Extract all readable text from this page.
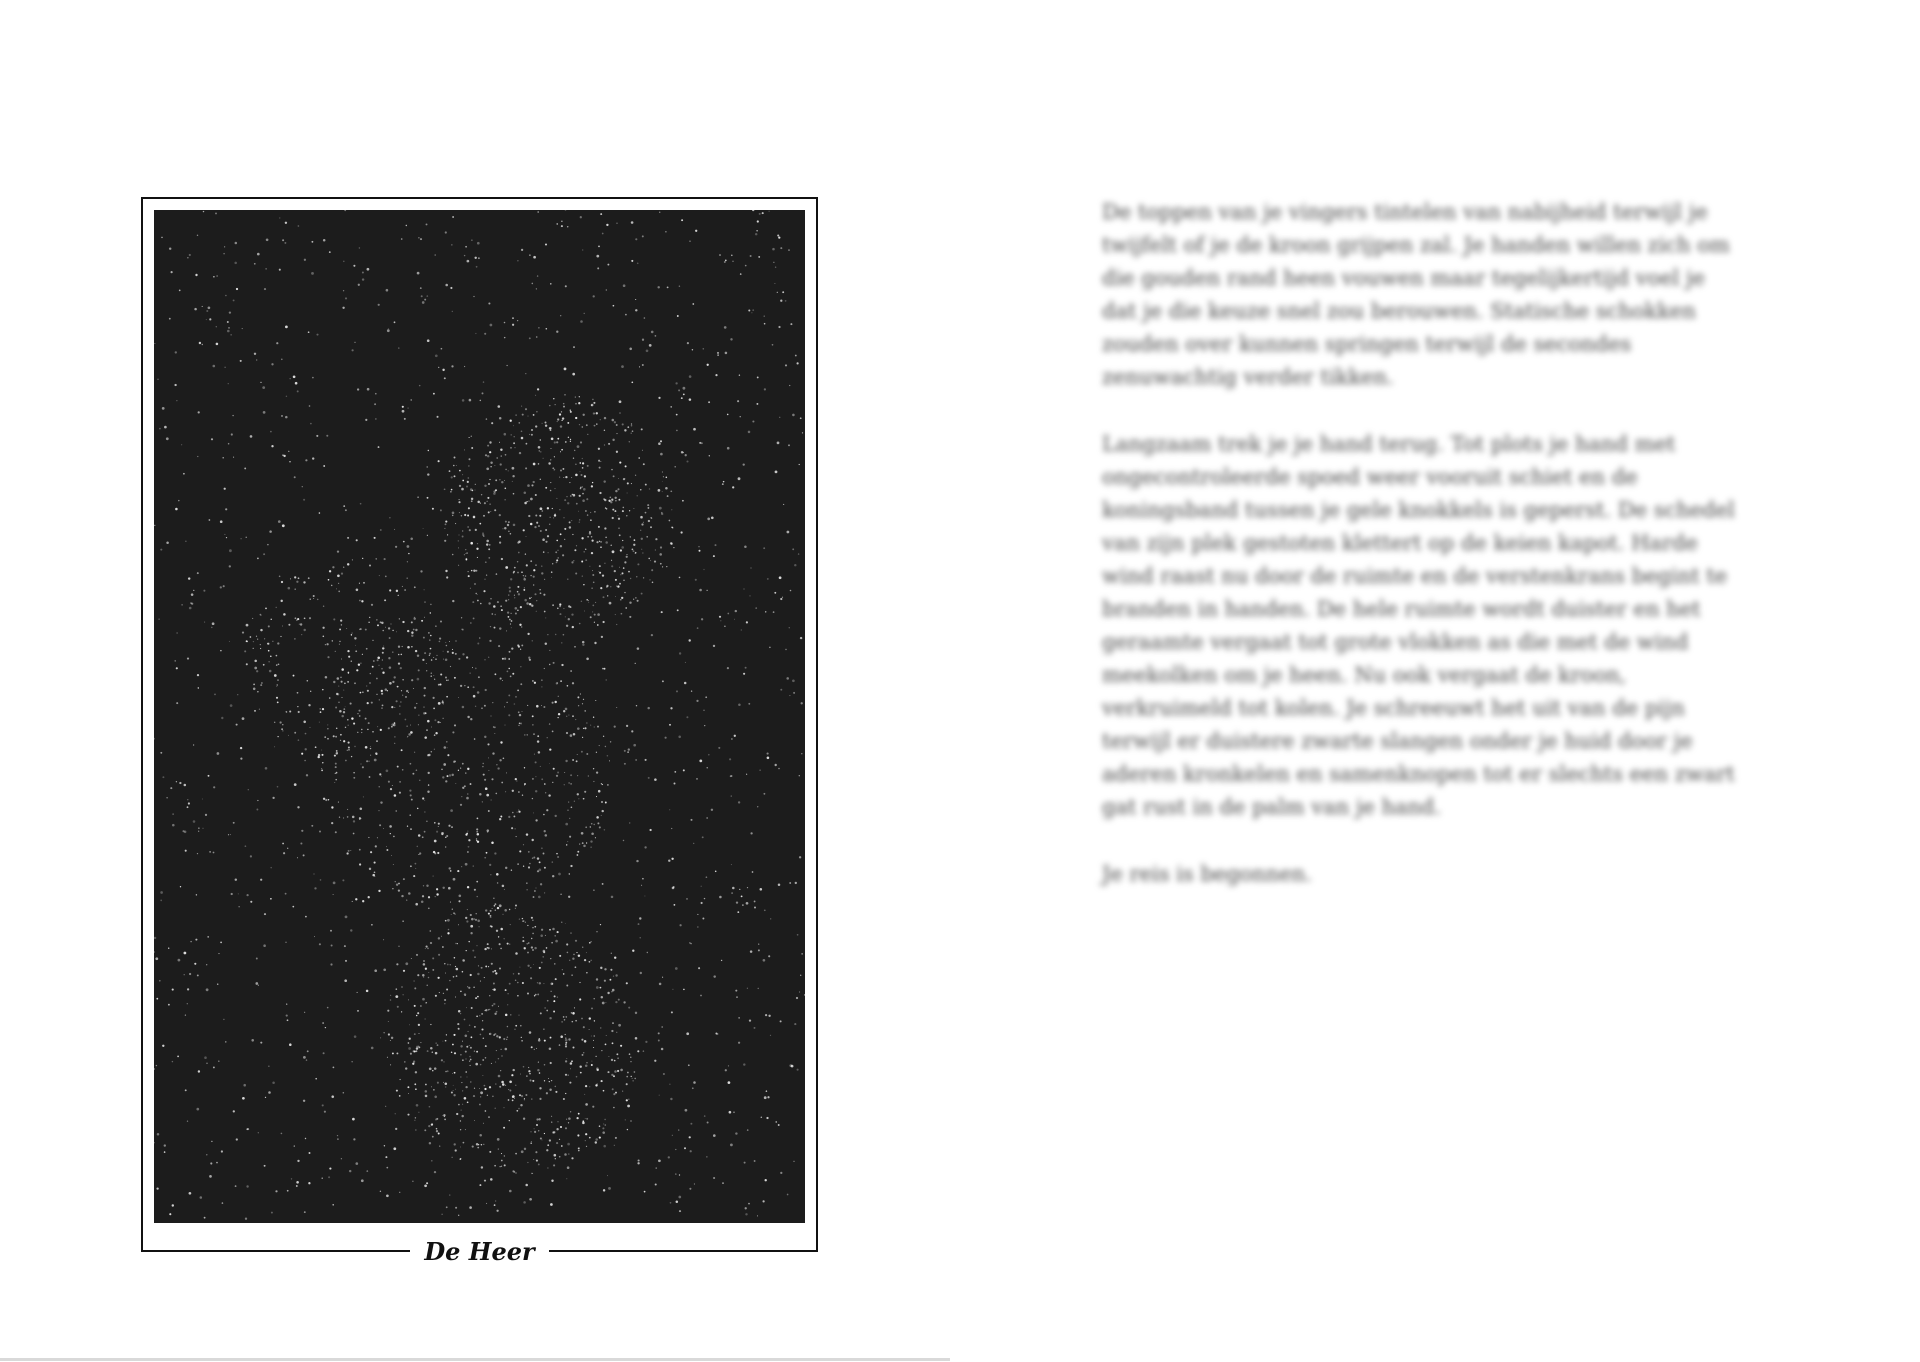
De Heer

De toppen van je vingers tintelen van nabijheid terwijl je twijfelt of je de kroon grijpen zal. Je handen willen zich om die gouden rand heen vouwen maar tegelijkertijd voel je dat je die keuze snel zou berouwen. Statische schokken zouden over kunnen springen terwijl de secondes zenuwachtig verder tikken.

Langzaam trek je je hand terug. Tot plots je hand met ongecontroleerde spoed weer vooruit schiet en de koningsband tussen je gele knokkels is geperst. De schedel van zijn plek gestoten klettert op de keien kapot. Harde wind raast nu door de ruimte en de verstenkrans begint te branden in handen. De hele ruimte wordt duister en het geraamte vergaat tot grote vlokken as die met de wind meekolken om je heen. Nu ook vergaat de kroon, verkruimeld tot kolen. Je schreeuwt het uit van de pijn terwijl er duistere zwarte slangen onder je huid door je aderen kronkelen en samenknopen tot er slechts een zwart gat rust in de palm van je hand.

Je reis is begonnen.
